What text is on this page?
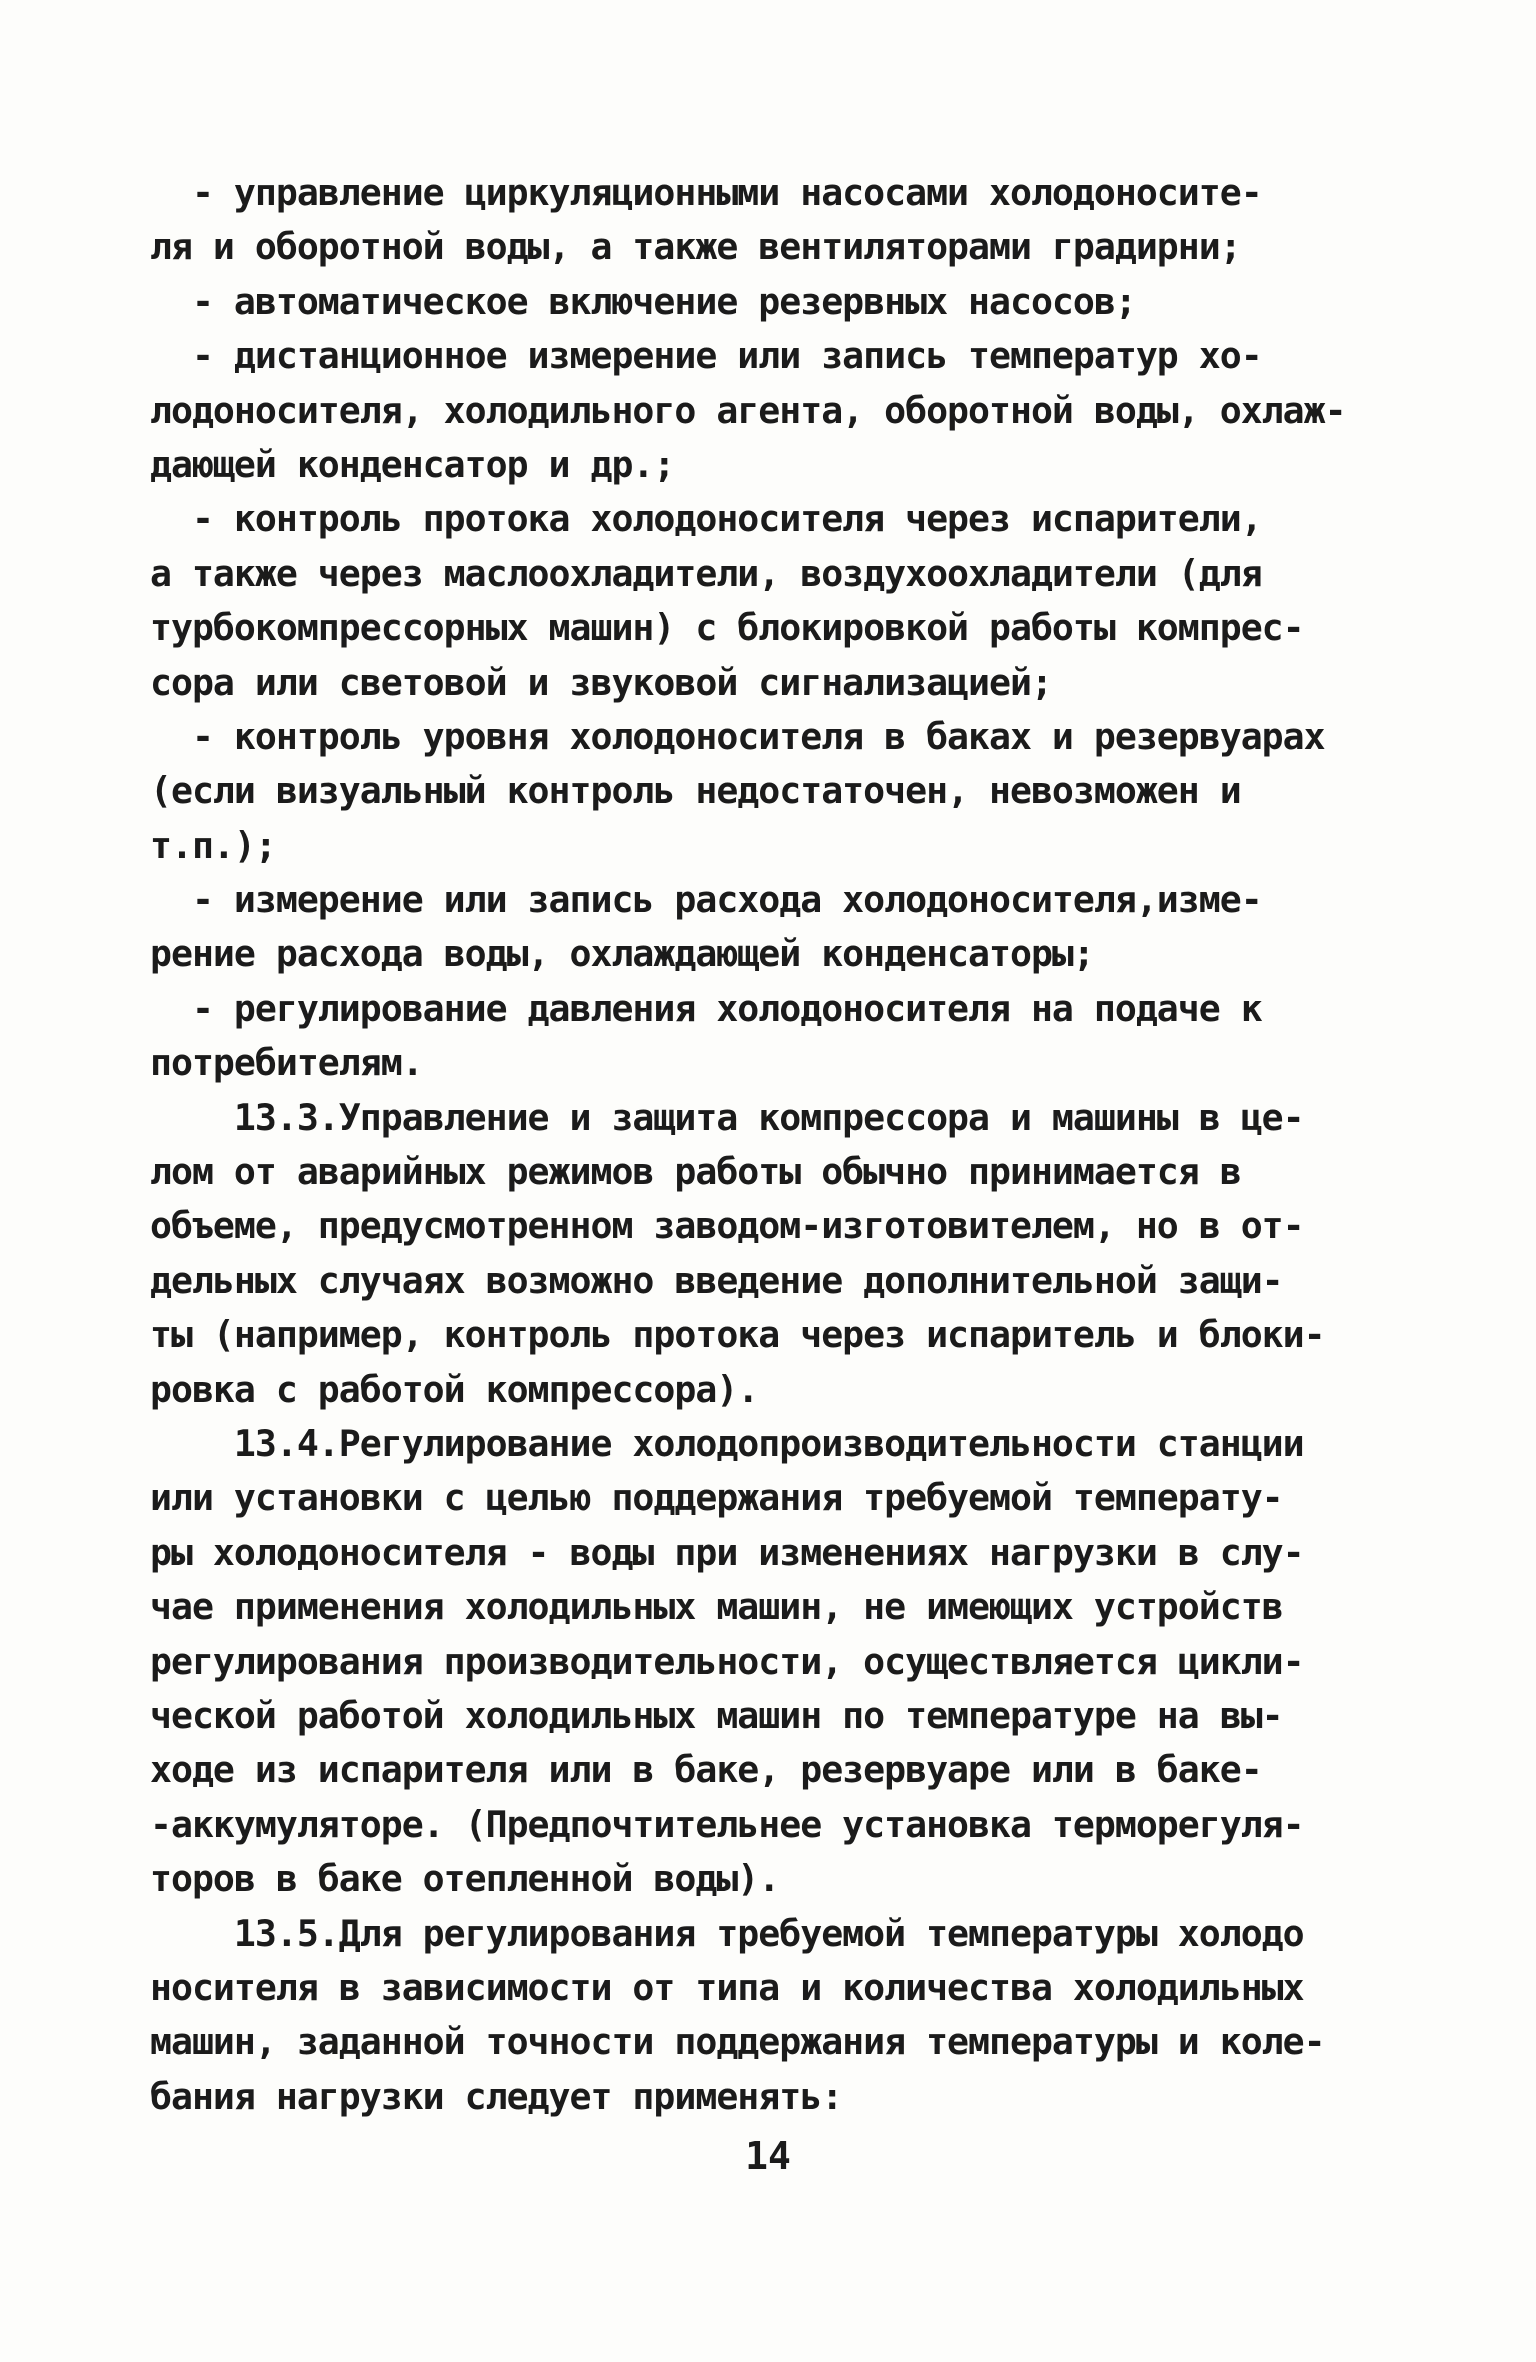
- управление циркуляционными насосами холодоносите-
ля и оборотной воды, а также вентиляторами градирни;
- автоматическое включение резервных насосов;
- дистанционное измерение или запись температур хо-
лодоносителя, холодильного агента, оборотной воды, охлаж-
дающей конденсатор и др.;
- контроль протока холодоносителя через испарители,
а также через маслоохладители, воздухоохладители (для
турбокомпрессорных машин) с блокировкой работы компрес-
сора или световой и звуковой сигнализацией;
- контроль уровня холодоносителя в баках и резервуарах
(если визуальный контроль недостаточен, невозможен и
т.п.);
- измерение или запись расхода холодоносителя,изме-
рение расхода воды, охлаждающей конденсаторы;
- регулирование давления холодоносителя на подаче к
потребителям.
13.3.Управление и защита компрессора и машины в це-
лом от аварийных режимов работы обычно принимается в
объеме, предусмотренном заводом-изготовителем, но в от-
дельных случаях возможно введение дополнительной защи-
ты (например, контроль протока через испаритель и блоки-
ровка с работой компрессора).
13.4.Регулирование холодопроизводительности станции
или установки с целью поддержания требуемой температу-
ры холодоносителя - воды при изменениях нагрузки в слу-
чае применения холодильных машин, не имеющих устройств
регулирования производительности, осуществляется цикли-
ческой работой холодильных машин по температуре на вы-
ходе из испарителя или в баке, резервуаре или в баке-
-аккумуляторе. (Предпочтительнее установка терморегуля-
торов в баке отепленной воды).
13.5.Для регулирования требуемой температуры холодо
носителя в зависимости от типа и количества холодильных
машин, заданной точности поддержания температуры и коле-
бания нагрузки следует применять:
14
